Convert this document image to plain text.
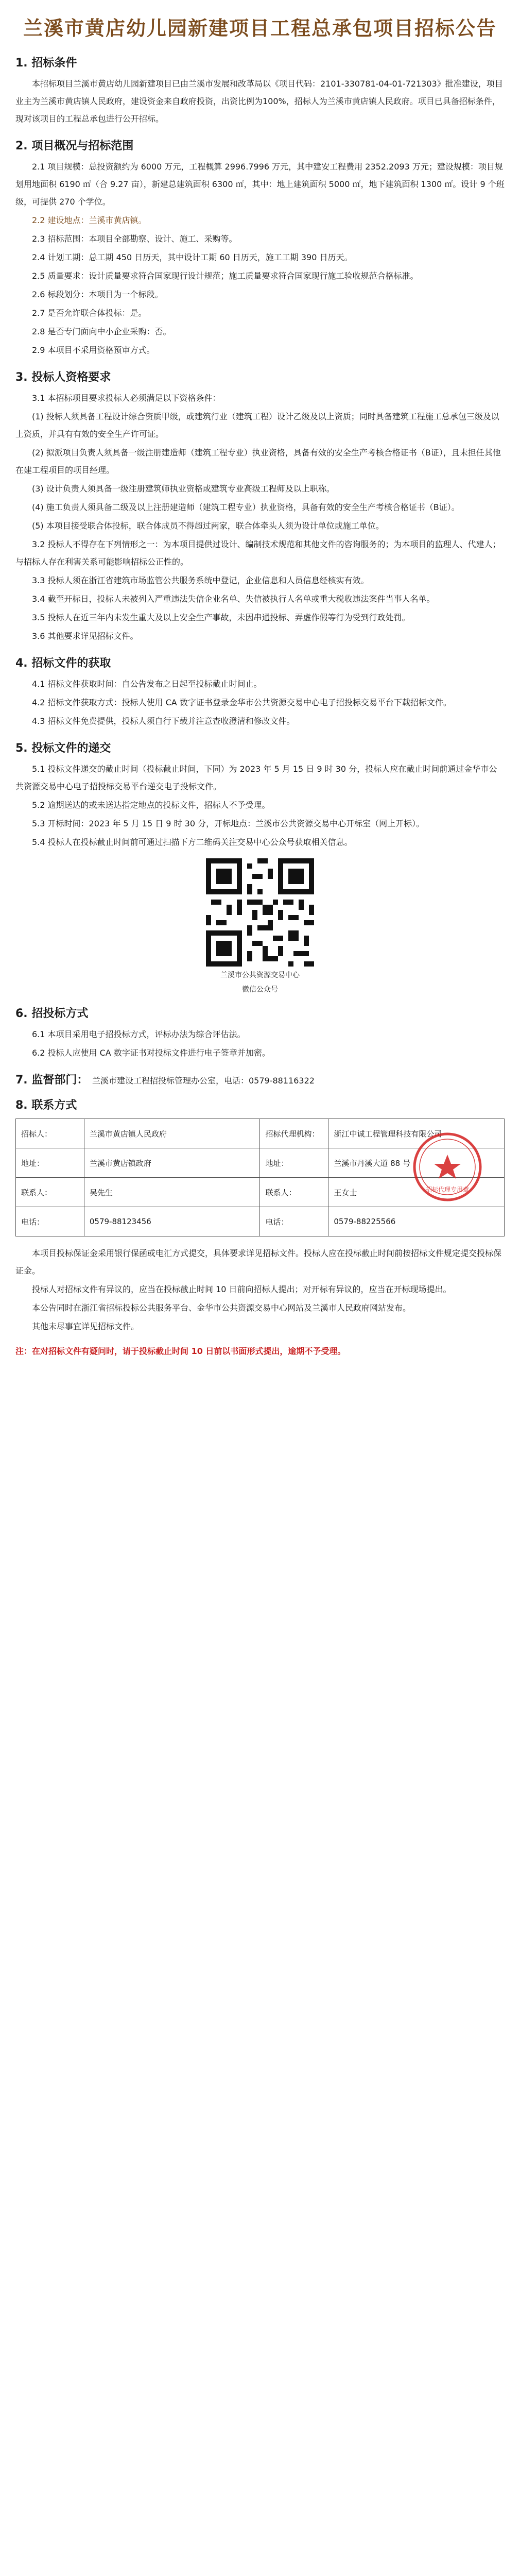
兰溪市黄店幼儿园新建项目工程总承包项目招标公告
1. 招标条件
本招标项目兰溪市黄店幼儿园新建项目已由兰溪市发展和改革局以《项目代码：2101-330781-04-01-721303》批准建设，项目业主为兰溪市黄店镇人民政府，建设资金来自政府投资，出资比例为100%，招标人为兰溪市黄店镇人民政府。项目已具备招标条件，现对该项目的工程总承包进行公开招标。
2. 项目概况与招标范围
2.1 项目规模：总投资额约为 6000 万元，工程概算 2996.7996 万元，其中建安工程费用 2352.2093 万元；建设规模：项目规划用地面积 6190 ㎡（合 9.27 亩），新建总建筑面积 6300 ㎡，其中：地上建筑面积 5000 ㎡，地下建筑面积 1300 ㎡。设计 9 个班级，可提供 270 个学位。
2.2 建设地点：兰溪市黄店镇。
2.3 招标范围：本项目全部勘察、设计、施工、采购等。
2.4 计划工期：总工期 450 日历天，其中设计工期 60 日历天，施工工期 390 日历天。
2.5 质量要求：设计质量要求符合国家现行设计规范；施工质量要求符合国家现行施工验收规范合格标准。
2.6 标段划分：本项目为一个标段。
2.7 是否允许联合体投标：是。
2.8 是否专门面向中小企业采购：否。
2.9 本项目不采用资格预审方式。
3. 投标人资格要求
3.1 本招标项目要求投标人必须满足以下资格条件：
(1) 投标人须具备工程设计综合资质甲级，或建筑行业（建筑工程）设计乙级及以上资质；同时具备建筑工程施工总承包三级及以上资质，并具有有效的安全生产许可证。
(2) 拟派项目负责人须具备一级注册建造师（建筑工程专业）执业资格，具备有效的安全生产考核合格证书（B证），且未担任其他在建工程项目的项目经理。
(3) 设计负责人须具备一级注册建筑师执业资格或建筑专业高级工程师及以上职称。
(4) 施工负责人须具备二级及以上注册建造师（建筑工程专业）执业资格，具备有效的安全生产考核合格证书（B证）。
(5) 本项目接受联合体投标，联合体成员不得超过两家，联合体牵头人须为设计单位或施工单位。
3.2 投标人不得存在下列情形之一：为本项目提供过设计、编制技术规范和其他文件的咨询服务的；为本项目的监理人、代建人；与招标人存在利害关系可能影响招标公正性的。
3.3 投标人须在浙江省建筑市场监管公共服务系统中登记，企业信息和人员信息经核实有效。
3.4 截至开标日，投标人未被列入严重违法失信企业名单、失信被执行人名单或重大税收违法案件当事人名单。
3.5 投标人在近三年内未发生重大及以上安全生产事故，未因串通投标、弄虚作假等行为受到行政处罚。
3.6 其他要求详见招标文件。
4. 招标文件的获取
4.1 招标文件获取时间：自公告发布之日起至投标截止时间止。
4.2 招标文件获取方式：投标人使用 CA 数字证书登录金华市公共资源交易中心电子招投标交易平台下载招标文件。
4.3 招标文件免费提供，投标人须自行下载并注意查收澄清和修改文件。
5. 投标文件的递交
5.1 投标文件递交的截止时间（投标截止时间，下同）为 2023 年 5 月 15 日 9 时 30 分，投标人应在截止时间前通过金华市公共资源交易中心电子招投标交易平台递交电子投标文件。
5.2 逾期送达的或未送达指定地点的投标文件，招标人不予受理。
5.3 开标时间：2023 年 5 月 15 日 9 时 30 分，开标地点：兰溪市公共资源交易中心开标室（网上开标）。
5.4 投标人在投标截止时间前可通过扫描下方二维码关注交易中心公众号获取相关信息。
兰溪市公共资源交易中心
微信公众号
6. 招投标方式
6.1 本项目采用电子招投标方式，评标办法为综合评估法。
6.2 投标人应使用 CA 数字证书对投标文件进行电子签章并加密。
7. 监督部门： 兰溪市建设工程招投标管理办公室，电话：0579-88116322
8. 联系方式
招标人：	兰溪市黄店镇人民政府	招标代理机构：	浙江中诚工程管理科技有限公司
地址：	兰溪市黄店镇政府	地址：	兰溪市丹溪大道 88 号
招标代理专用章

联系人：	吴先生	联系人：	王女士
电话：	0579-88123456	电话：	0579-88225566
本项目投标保证金采用银行保函或电汇方式提交，具体要求详见招标文件。投标人应在投标截止时间前按招标文件规定提交投标保证金。
投标人对招标文件有异议的，应当在投标截止时间 10 日前向招标人提出；对开标有异议的，应当在开标现场提出。
本公告同时在浙江省招标投标公共服务平台、金华市公共资源交易中心网站及兰溪市人民政府网站发布。
其他未尽事宜详见招标文件。
注：在对招标文件有疑问时，请于投标截止时间 10 日前以书面形式提出，逾期不予受理。
